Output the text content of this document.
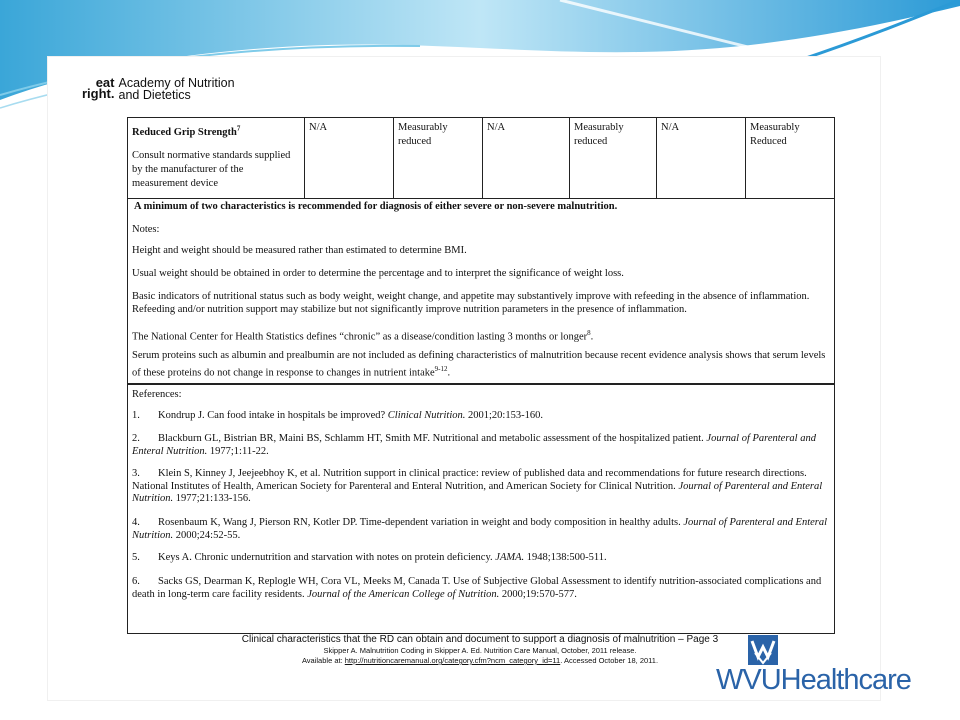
eat
right.
Academy of Nutrition
and Dietetics
Reduced Grip Strength$^7$
Consult normative standards supplied by the manufacturer of the measurement device
	N/A	Measurably reduced	N/A	Measurably reduced	N/A	Measurably Reduced

A minimum of two characteristics is recommended for diagnosis of either severe or non-severe malnutrition.

Notes:

Height and weight should be measured rather than estimated to determine BMI.

Usual weight should be obtained in order to determine the percentage and to interpret the significance of weight loss.

Basic indicators of nutritional status such as body weight, weight change, and appetite may substantively improve with refeeding in the absence of inflammation. Refeeding and/or nutrition support may stabilize but not significantly improve nutrition parameters in the presence of inflammation.

The National Center for Health Statistics defines “chronic” as a disease/condition lasting 3 months or longer$^8$.

Serum proteins such as albumin and prealbumin are not included as defining characteristics of malnutrition because recent evidence analysis shows that serum levels of these proteins do not change in response to changes in nutrient intake$^{9-12}$.

References:

1. Kondrup J. Can food intake in hospitals be improved? Clinical Nutrition. 2001;20:153-160.

2. Blackburn GL, Bistrian BR, Maini BS, Schlamm HT, Smith MF. Nutritional and metabolic assessment of the hospitalized patient. Journal of Parenteral and Enteral Nutrition. 1977;1:11-22.

3. Klein S, Kinney J, Jeejeebhoy K, et al. Nutrition support in clinical practice: review of published data and recommendations for future research directions. National Institutes of Health, American Society for Parenteral and Enteral Nutrition, and American Society for Clinical Nutrition. Journal of Parenteral and Enteral Nutrition. 1977;21:133-156.

4. Rosenbaum K, Wang J, Pierson RN, Kotler DP. Time-dependent variation in weight and body composition in healthy adults. Journal of Parenteral and Enteral Nutrition. 2000;24:52-55.

5. Keys A. Chronic undernutrition and starvation with notes on protein deficiency. JAMA. 1948;138:500-511.

6. Sacks GS, Dearman K, Replogle WH, Cora VL, Meeks M, Canada T. Use of Subjective Global Assessment to identify nutrition-associated complications and death in long-term care facility residents. Journal of the American College of Nutrition. 2000;19:570-577.

Clinical characteristics that the RD can obtain and document to support a diagnosis of malnutrition – Page 3
Skipper A. Malnutrition Coding in Skipper A. Ed. Nutrition Care Manual, October, 2011 release.
Available at: http://nutritioncaremanual.org/category.cfm?ncm_category_id=11. Accessed October 18, 2011.
WVUHealthcare
